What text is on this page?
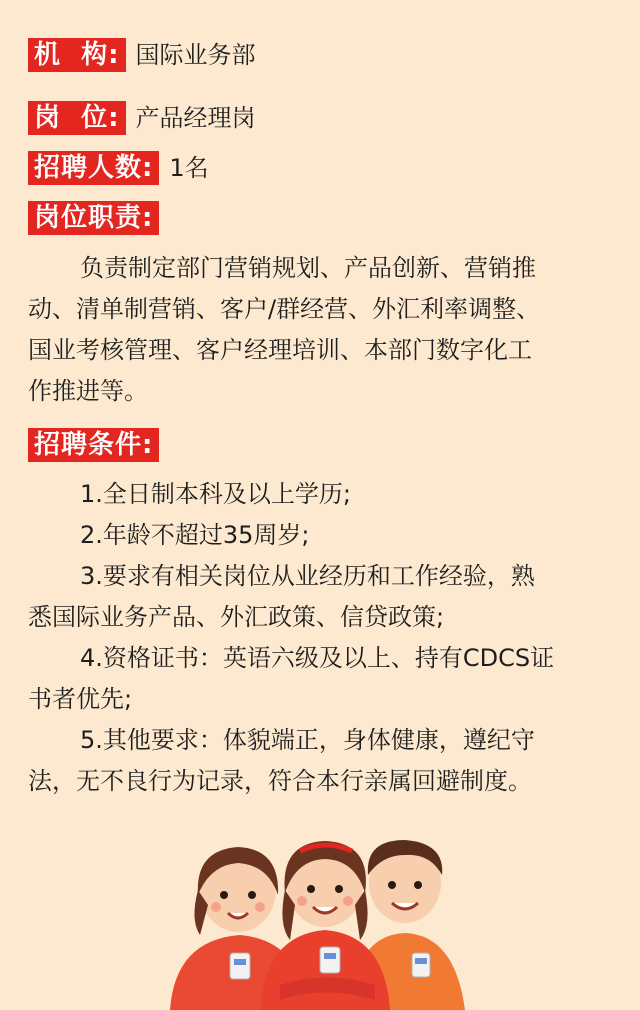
机  构: 国际业务部
岗  位: 产品经理岗
招聘人数: 1名
岗位职责:
负责制定部门营销规划、产品创新、营销推
动、清单制营销、客户/群经营、外汇利率调整、
国业考核管理、客户经理培训、本部门数字化工
作推进等。
招聘条件:
1.全日制本科及以上学历;
2.年龄不超过35周岁;
3.要求有相关岗位从业经历和工作经验，熟
悉国际业务产品、外汇政策、信贷政策;
4.资格证书：英语六级及以上、持有CDCS证
书者优先;
5.其他要求：体貌端正，身体健康，遵纪守
法，无不良行为记录，符合本行亲属回避制度。
